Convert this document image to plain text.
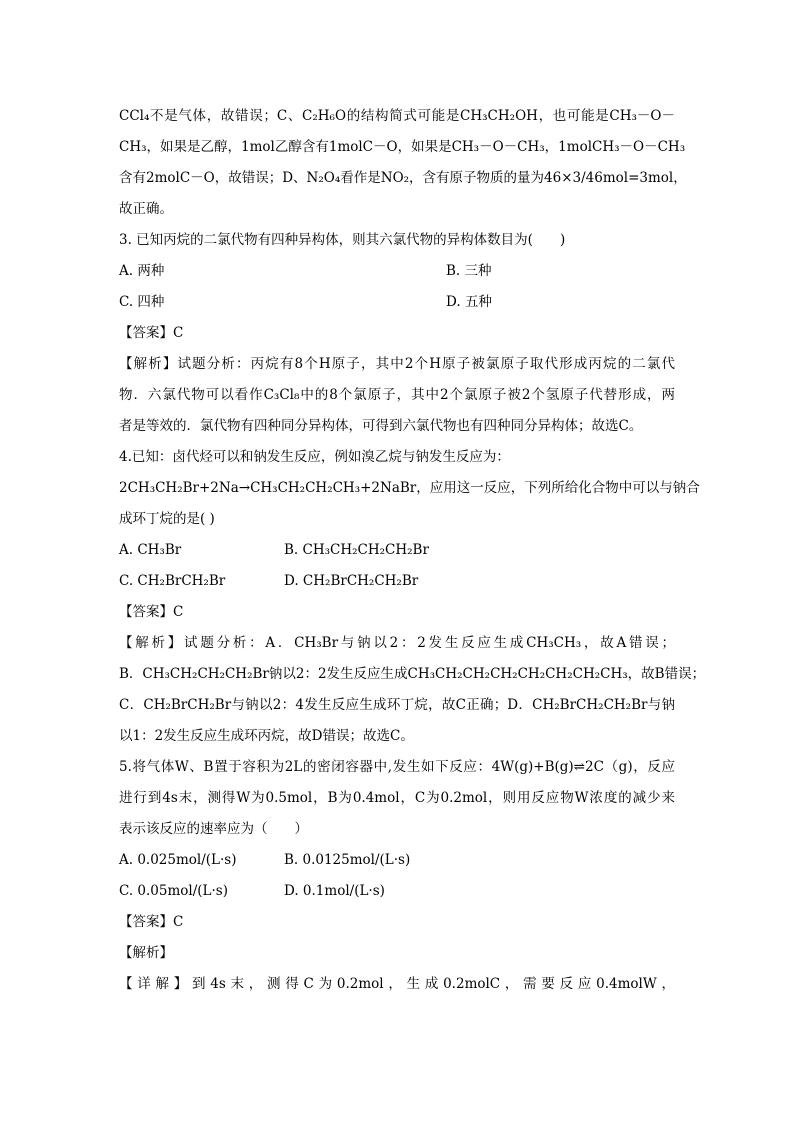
CCl₄不是气体，故错误；C、C₂H₆O的结构简式可能是CH₃CH₂OH，也可能是CH₃－O－
CH₃，如果是乙醇，1mol乙醇含有1molC－O，如果是CH₃－O－CH₃，1molCH₃－O－CH₃
含有2molC－O，故错误；D、N₂O₄看作是NO₂，含有原子物质的量为46×3/46mol=3mol，
故正确。
3. 已知丙烷的二氯代物有四种异构体，则其六氯代物的异构体数目为(　　)
A. 两种	B. 三种
C. 四种	D. 五种
【答案】C
【解析】试题分析：丙烷有8个H原子，其中2个H原子被氯原子取代形成丙烷的二氯代
物．六氯代物可以看作C₃Cl₈中的8个氯原子，其中2个氯原子被2个氢原子代替形成，两
者是等效的．氯代物有四种同分异构体，可得到六氯代物也有四种同分异构体；故选C。
4.已知：卤代烃可以和钠发生反应，例如溴乙烷与钠发生反应为：
2CH₃CH₂Br+2Na→CH₃CH₂CH₂CH₃+2NaBr，应用这一反应，下列所给化合物中可以与钠合
成环丁烷的是( )
A. CH₃Br	B. CH₃CH₂CH₂CH₂Br
C. CH₂BrCH₂Br	D. CH₂BrCH₂CH₂Br
【答案】C
【解析】试题分析：A．CH₃Br与钠以2：2发生反应生成CH₃CH₃，故A错误；
B．CH₃CH₂CH₂CH₂Br钠以2：2发生反应生成CH₃CH₂CH₂CH₂CH₂CH₂CH₂CH₃，故B错误；
C．CH₂BrCH₂Br与钠以2：4发生反应生成环丁烷，故C正确；D．CH₂BrCH₂CH₂Br与钠
以1：2发生反应生成环丙烷，故D错误；故选C。
5.将气体W、B置于容积为2L的密闭容器中,发生如下反应：4W(g)+B(g)⇌2C（g)，反应
进行到4s末，测得W为0.5mol，B为0.4mol，C为0.2mol，则用反应物W浓度的减少来
表示该反应的速率应为（　　）
A. 0.025mol/(L·s)	B. 0.0125mol/(L·s)
C. 0.05mol/(L·s)	D. 0.1mol/(L·s)
【答案】C
【解析】
【详解】到4s末，测得C为0.2mol，生成0.2molC，需要反应0.4molW，
